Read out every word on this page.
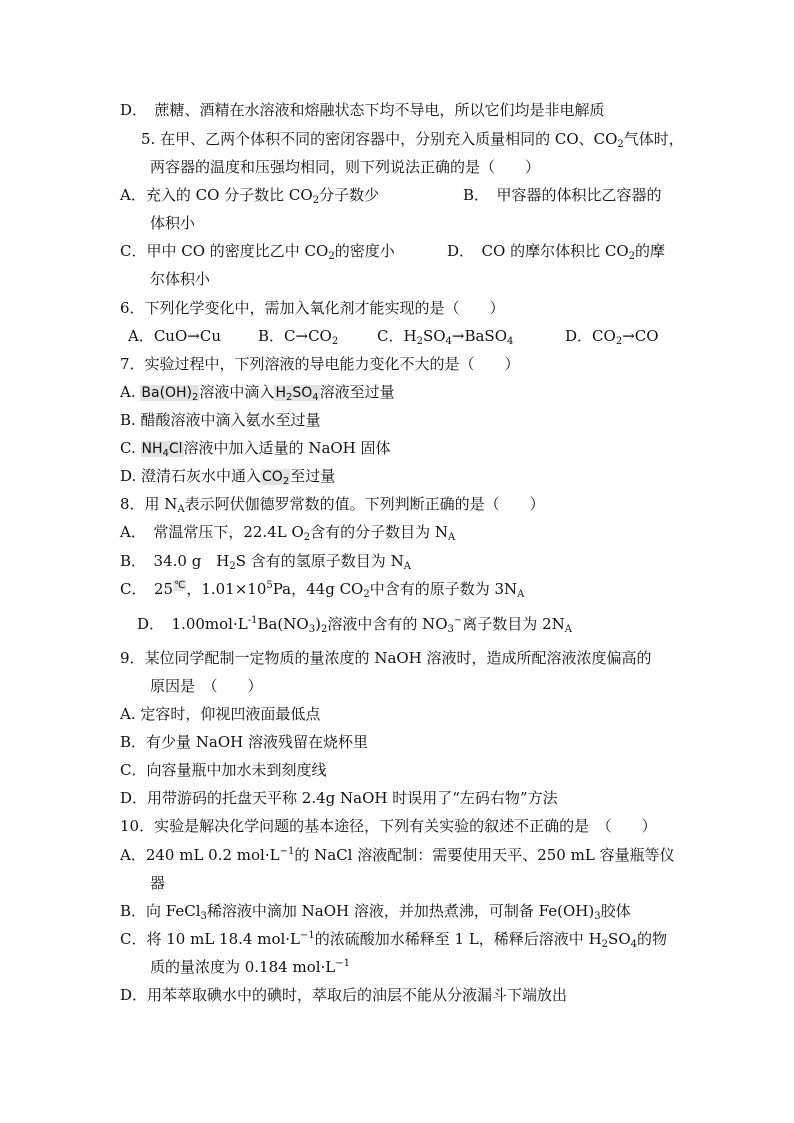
D．　蔗糖、酒精在水溶液和熔融状态下均不导电，所以它们均是非电解质
5. 在甲、乙两个体积不同的密闭容器中，分别充入质量相同的 CO、$CO_2$气体时，
两容器的温度和压强均相同，则下列说法正确的是（　　）
A．充入的 CO 分子数比 $CO_2$分子数少	B．　甲容器的体积比乙容器的
体积小
C．甲中 CO 的密度比乙中 $CO_2$的密度小	D．　CO 的摩尔体积比 $CO_2$的摩
尔体积小
6．下列化学变化中，需加入氧化剂才能实现的是（　　）
A．CuO→Cu B．$C\to CO_2$	C．$H_2SO_4\to BaSO_4$	D．$CO_2\to CO$
7．实验过程中，下列溶液的导电能力变化不大的是（　　）
A. $Ba(OH)_2$溶液中滴入$H_2SO_4$溶液至过量
B. 醋酸溶液中滴入氨水至过量
C. $NH_4Cl$溶液中加入适量的 NaOH 固体
D. 澄清石灰水中通入$CO_2$至过量
8．用 $N_A$表示阿伏伽德罗常数的值。下列判断正确的是（　　）
A．　常温常压下，22.4L $O_2$含有的分子数目为 $N_A$
B．　34.0 g　$H_2S$ 含有的氢原子数目为 $N_A$
C．　25℃，$1.01\times 10^5Pa$，44g $CO_2$中含有的原子数为 $3N_A$
D．　$1.00mol\cdot L^{-1}Ba(NO_3)_2$溶液中含有的 $NO_3^-$离子数目为 $2N_A$
9．某位同学配制一定物质的量浓度的 NaOH 溶液时，造成所配溶液浓度偏高的
原因是　（　　）
A. 定容时，仰视凹液面最低点
B．有少量 NaOH 溶液残留在烧杯里
C．向容量瓶中加水未到刻度线
D．用带游码的托盘天平称 2.4g NaOH 时误用了“左码右物”方法
10．实验是解决化学问题的基本途径，下列有关实验的叙述不正确的是　（　　）
A．240 mL 0.2 $mol\cdot L^{-1}$的 NaCl 溶液配制：需要使用天平、250 mL 容量瓶等仪
器
B．向 FeCl$_3$稀溶液中滴加 NaOH 溶液，并加热煮沸，可制备 $Fe(OH)_3$胶体
C．将 10 mL 18.4 $mol\cdot L^{-1}$的浓硫酸加水稀释至 1 L，稀释后溶液中 $H_2SO_4$的物
质的量浓度为 0.184 $mol\cdot L^{-1}$
D．用苯萃取碘水中的碘时，萃取后的油层不能从分液漏斗下端放出
